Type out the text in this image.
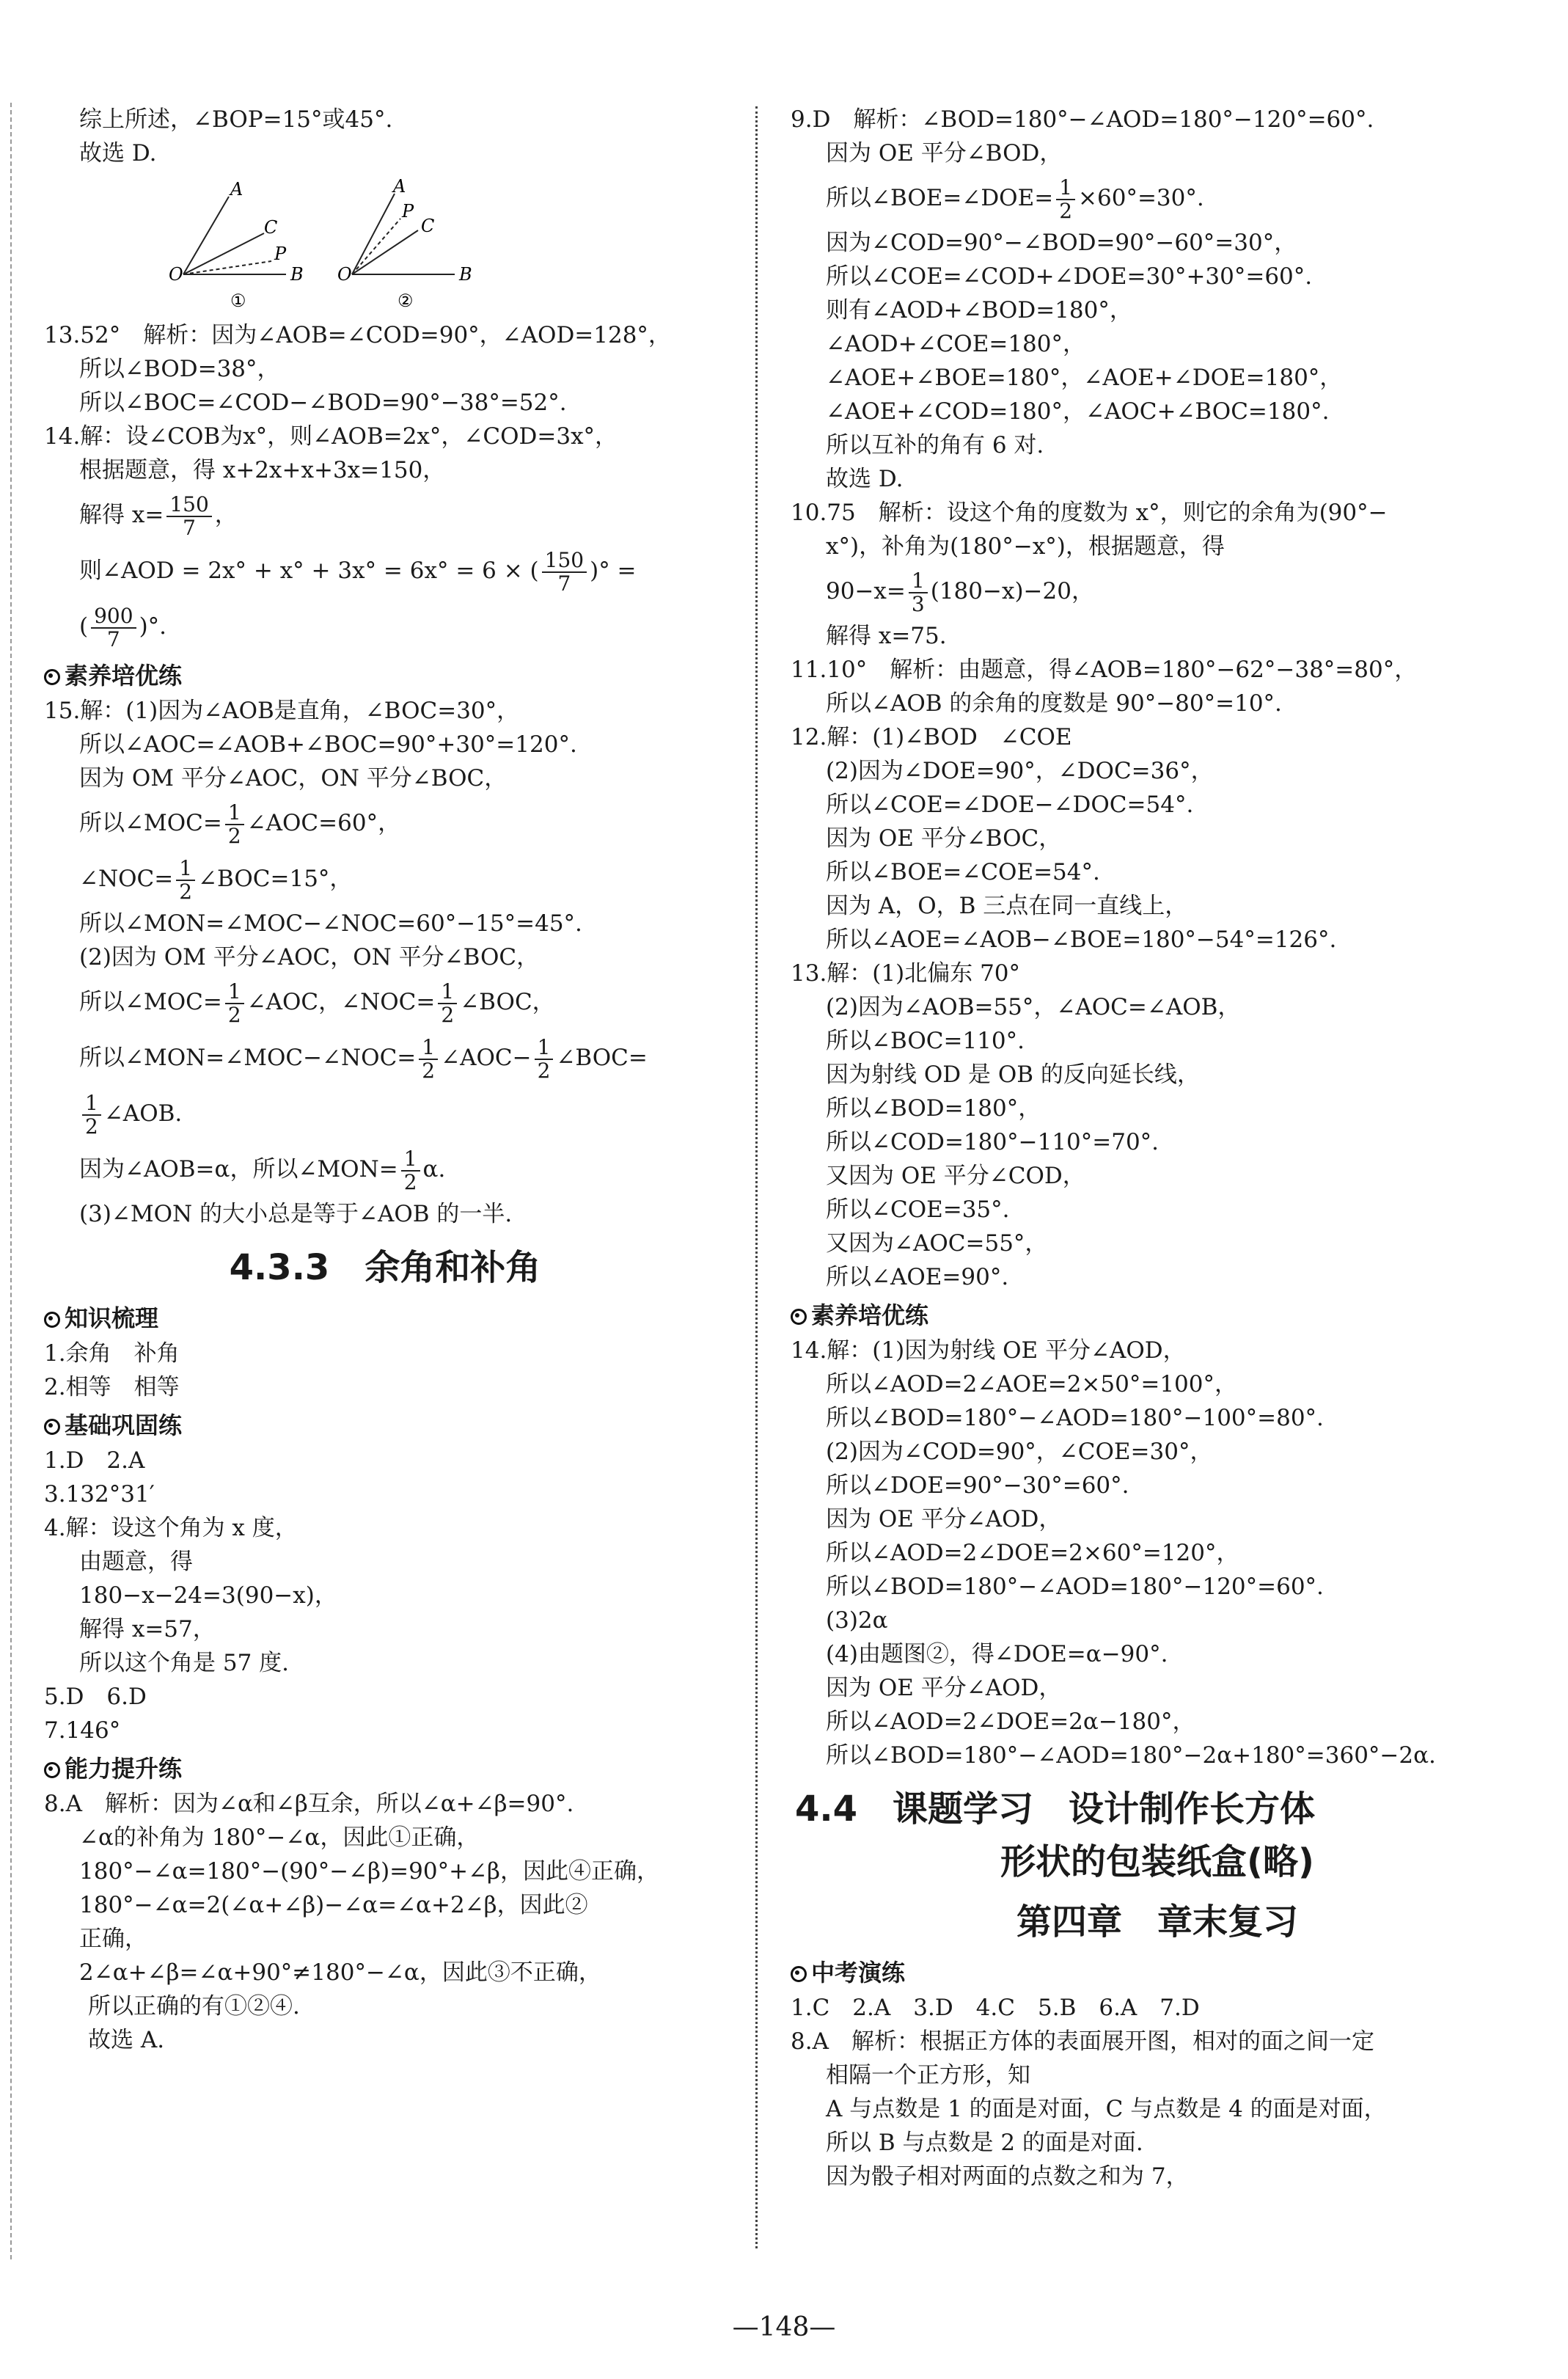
综上所述，∠BOP=15°或45°.

故选 D.

A
C
P
B
O
①
A
P
C
B
O
②

13.52°　解析：因为∠AOB=∠COD=90°，∠AOD=128°，

所以∠BOD=38°，

所以∠BOC=∠COD−∠BOD=90°−38°=52°.

14.解：设∠COB为x°，则∠AOB=2x°，∠COD=3x°，

根据题意，得 x+2x+x+3x=150，

解得 $x= \frac{150}{7}$ ，

则∠AOD = 2x° + x° + 3x° = 6x° = 6 × ( $\frac{150}{7}$ )° =

( $\frac{900}{7}$ )°.

素养培优练

15.解：(1)因为∠AOB是直角，∠BOC=30°，

所以∠AOC=∠AOB+∠BOC=90°+30°=120°.

因为 OM 平分∠AOC，ON 平分∠BOC，

所以∠MOC= $\frac{1}{2}$ ∠AOC=60°，

∠NOC= $\frac{1}{2}$ ∠BOC=15°，

所以∠MON=∠MOC−∠NOC=60°−15°=45°.

(2)因为 OM 平分∠AOC，ON 平分∠BOC，

所以∠MOC= $\frac{1}{2}$ ∠AOC，∠NOC= $\frac{1}{2}$ ∠BOC，

所以∠MON=∠MOC−∠NOC= $\frac{1}{2}$ ∠AOC− $\frac{1}{2}$ ∠BOC=

$\frac{1}{2}$ ∠AOB.

因为∠AOB=α，所以∠MON= $\frac{1}{2} \alpha$.

(3)∠MON 的大小总是等于∠AOB 的一半.

4.3.3　余角和补角
知识梳理

1.余角　补角

2.相等　相等

基础巩固练

1.D　2.A

3.132°31′

4.解：设这个角为 x 度，

由题意，得

180−x−24=3(90−x)，

解得 x=57，

所以这个角是 57 度.

5.D　6.D

7.146°

能力提升练

8.A　解析：因为∠α和∠β互余，所以∠α+∠β=90°.

∠α的补角为 180°−∠α，因此①正确，

180°−∠α=180°−(90°−∠β)=90°+∠β，因此④正确，

180°−∠α=2(∠α+∠β)−∠α=∠α+2∠β，因此②

正确，

2∠α+∠β=∠α+90°≠180°−∠α，因此③不正确，

所以正确的有①②④.

故选 A.

9.D　解析：∠BOD=180°−∠AOD=180°−120°=60°.

因为 OE 平分∠BOD，

所以∠BOE=∠DOE= $\frac{1}{2} \times 60^\circ=30^\circ$.

因为∠COD=90°−∠BOD=90°−60°=30°，

所以∠COE=∠COD+∠DOE=30°+30°=60°.

则有∠AOD+∠BOD=180°，

∠AOD+∠COE=180°，

∠AOE+∠BOE=180°，∠AOE+∠DOE=180°，

∠AOE+∠COD=180°，∠AOC+∠BOC=180°.

所以互补的角有 6 对.

故选 D.

10.75　解析：设这个角的度数为 x°，则它的余角为(90°−

x°)，补角为(180°−x°)，根据题意，得

$90-x= \frac{1}{3} (180-x)-20$，

解得 x=75.

11.10°　解析：由题意，得∠AOB=180°−62°−38°=80°，

所以∠AOB 的余角的度数是 90°−80°=10°.

12.解：(1)∠BOD　∠COE

(2)因为∠DOE=90°，∠DOC=36°，

所以∠COE=∠DOE−∠DOC=54°.

因为 OE 平分∠BOC，

所以∠BOE=∠COE=54°.

因为 A，O，B 三点在同一直线上，

所以∠AOE=∠AOB−∠BOE=180°−54°=126°.

13.解：(1)北偏东 70°

(2)因为∠AOB=55°，∠AOC=∠AOB，

所以∠BOC=110°.

因为射线 OD 是 OB 的反向延长线，

所以∠BOD=180°，

所以∠COD=180°−110°=70°.

又因为 OE 平分∠COD，

所以∠COE=35°.

又因为∠AOC=55°，

所以∠AOE=90°.

素养培优练

14.解：(1)因为射线 OE 平分∠AOD，

所以∠AOD=2∠AOE=2×50°=100°，

所以∠BOD=180°−∠AOD=180°−100°=80°.

(2)因为∠COD=90°，∠COE=30°，

所以∠DOE=90°−30°=60°.

因为 OE 平分∠AOD，

所以∠AOD=2∠DOE=2×60°=120°，

所以∠BOD=180°−∠AOD=180°−120°=60°.

(3)2α

(4)由题图②，得∠DOE=α−90°.

因为 OE 平分∠AOD，

所以∠AOD=2∠DOE=2α−180°，

所以∠BOD=180°−∠AOD=180°−2α+180°=360°−2α.

4.4　课题学习　设计制作长方体
形状的包装纸盒(略)
第四章　章末复习
中考演练

1.C　2.A　3.D　4.C　5.B　6.A　7.D

8.A　解析：根据正方体的表面展开图，相对的面之间一定

相隔一个正方形，知

A 与点数是 1 的面是对面，C 与点数是 4 的面是对面，

所以 B 与点数是 2 的面是对面.

因为骰子相对两面的点数之和为 7，

—148—
